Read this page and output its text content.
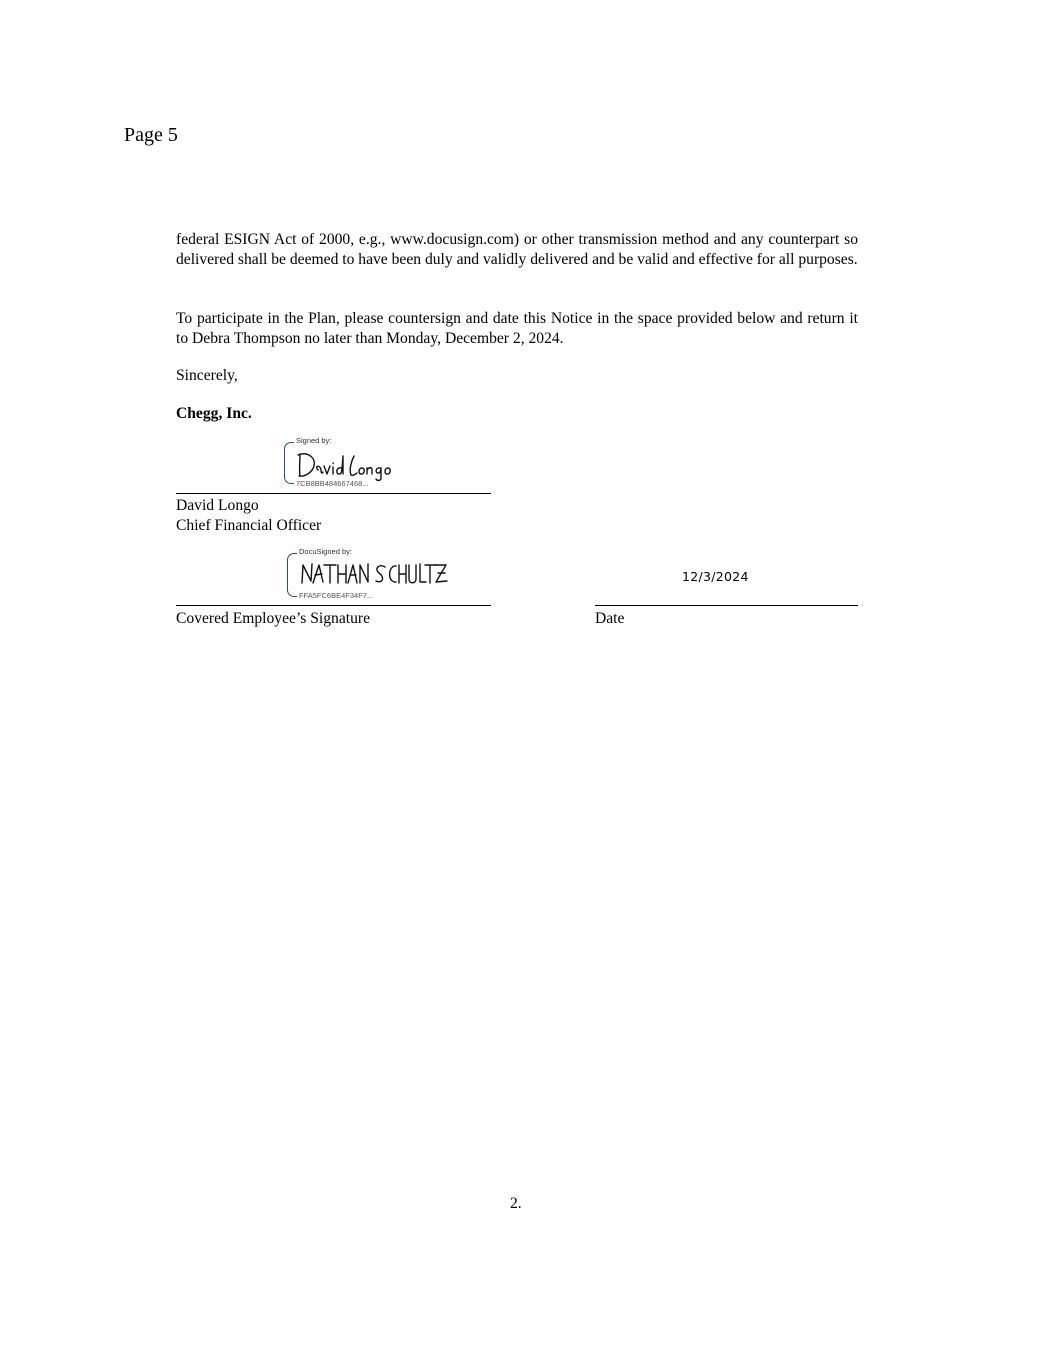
Page 5

federal ESIGN Act of 2000, e.g., www.docusign.com) or other transmission method and any counterpart so delivered shall be deemed to have been duly and validly delivered and be valid and effective for all purposes.

To participate in the Plan, please countersign and date this Notice in the space provided below and return it to Debra Thompson no later than Monday, December 2, 2024.

Sincerely,

Chegg, Inc.

Signed by:
7CB8BB484667468...
David Longo
Chief Financial Officer
DocuSigned by:
FFA5FC6BE4F34F7...
Covered Employee’s Signature
12/3/2024
Date
2.
